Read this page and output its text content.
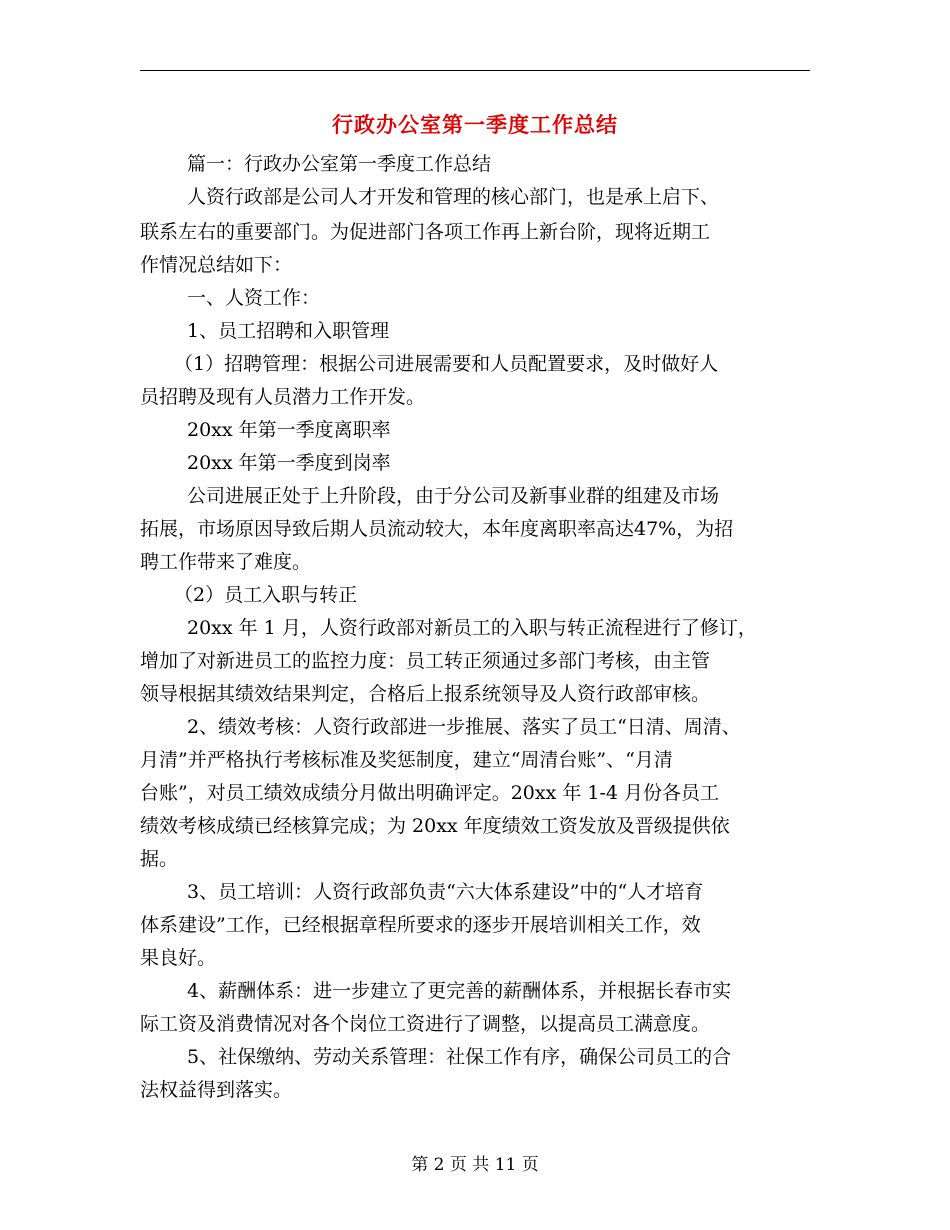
行政办公室第一季度工作总结
篇一：行政办公室第一季度工作总结
人资行政部是公司人才开发和管理的核心部门，也是承上启下、
联系左右的重要部门。为促进部门各项工作再上新台阶，现将近期工
作情况总结如下：
一、人资工作：
1、员工招聘和入职管理
（1）招聘管理：根据公司进展需要和人员配置要求，及时做好人
员招聘及现有人员潜力工作开发。
20xx 年第一季度离职率
20xx 年第一季度到岗率
公司进展正处于上升阶段，由于分公司及新事业群的组建及市场
拓展，市场原因导致后期人员流动较大，本年度离职率高达47%，为招
聘工作带来了难度。
（2）员工入职与转正
20xx 年 1 月，人资行政部对新员工的入职与转正流程进行了修订，
增加了对新进员工的监控力度：员工转正须通过多部门考核，由主管
领导根据其绩效结果判定，合格后上报系统领导及人资行政部审核。
2、绩效考核：人资行政部进一步推展、落实了员工“日清、周清、
月清”并严格执行考核标准及奖惩制度，建立“周清台账”、“月清
台账”，对员工绩效成绩分月做出明确评定。20xx 年 1-4 月份各员工
绩效考核成绩已经核算完成；为 20xx 年度绩效工资发放及晋级提供依
据。
3、员工培训：人资行政部负责“六大体系建设”中的“人才培育
体系建设”工作，已经根据章程所要求的逐步开展培训相关工作，效
果良好。
4、薪酬体系：进一步建立了更完善的薪酬体系，并根据长春市实
际工资及消费情况对各个岗位工资进行了调整，以提高员工满意度。
5、社保缴纳、劳动关系管理：社保工作有序，确保公司员工的合
法权益得到落实。
第 2 页 共 11 页
